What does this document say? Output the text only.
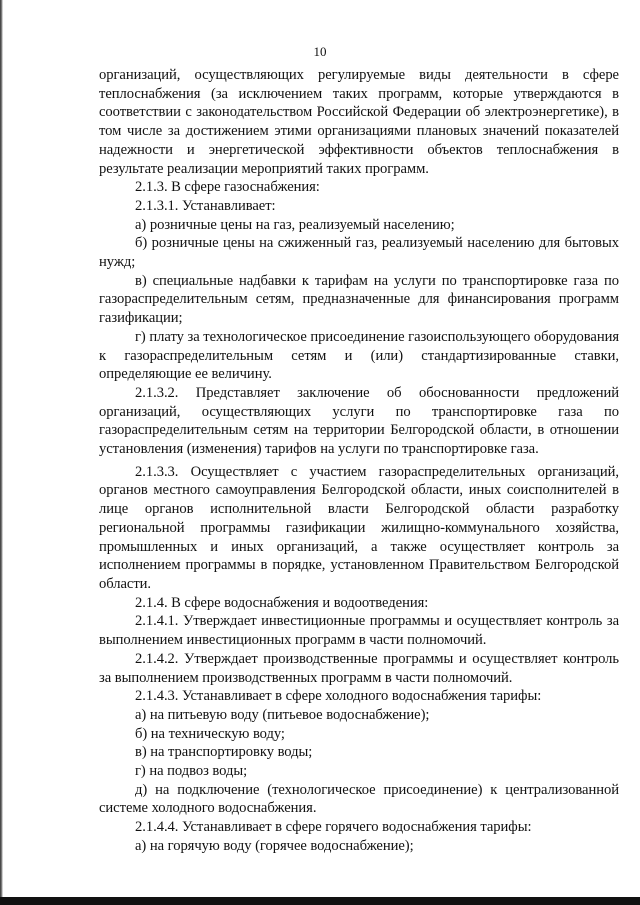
10

организаций, осуществляющих регулируемые виды деятельности в сфере теплоснабжения (за исключением таких программ, которые утверждаются в соответствии с законодательством Российской Федерации об электроэнергетике), в том числе за достижением этими организациями плановых значений показателей надежности и энергетической эффективности объектов теплоснабжения в результате реализации мероприятий таких программ.

2.1.3. В сфере газоснабжения:

2.1.3.1. Устанавливает:

а) розничные цены на газ, реализуемый населению;

б) розничные цены на сжиженный газ, реализуемый населению для бытовых нужд;

в) специальные надбавки к тарифам на услуги по транспортировке газа по газораспределительным сетям, предназначенные для финансирования программ газификации;

г) плату за технологическое присоединение газоиспользующего оборудования к газораспределительным сетям и (или) стандартизированные ставки, определяющие ее величину.

2.1.3.2. Представляет заключение об обоснованности предложений организаций, осуществляющих услуги по транспортировке газа по газораспределительным сетям на территории Белгородской области, в отношении установления (изменения) тарифов на услуги по транспортировке газа.

2.1.3.3. Осуществляет с участием газораспределительных организаций, органов местного самоуправления Белгородской области, иных соисполнителей в лице органов исполнительной власти Белгородской области разработку региональной программы газификации жилищно-коммунального хозяйства, промышленных и иных организаций, а также осуществляет контроль за исполнением программы в порядке, установленном Правительством Белгородской области.

2.1.4. В сфере водоснабжения и водоотведения:

2.1.4.1. Утверждает инвестиционные программы и осуществляет контроль за выполнением инвестиционных программ в части полномочий.

2.1.4.2. Утверждает производственные программы и осуществляет контроль за выполнением производственных программ в части полномочий.

2.1.4.3. Устанавливает в сфере холодного водоснабжения тарифы:

а) на питьевую воду (питьевое водоснабжение);

б) на техническую воду;

в) на транспортировку воды;

г) на подвоз воды;

д) на подключение (технологическое присоединение) к централизованной системе холодного водоснабжения.

2.1.4.4. Устанавливает в сфере горячего водоснабжения тарифы:

а) на горячую воду (горячее водоснабжение);
